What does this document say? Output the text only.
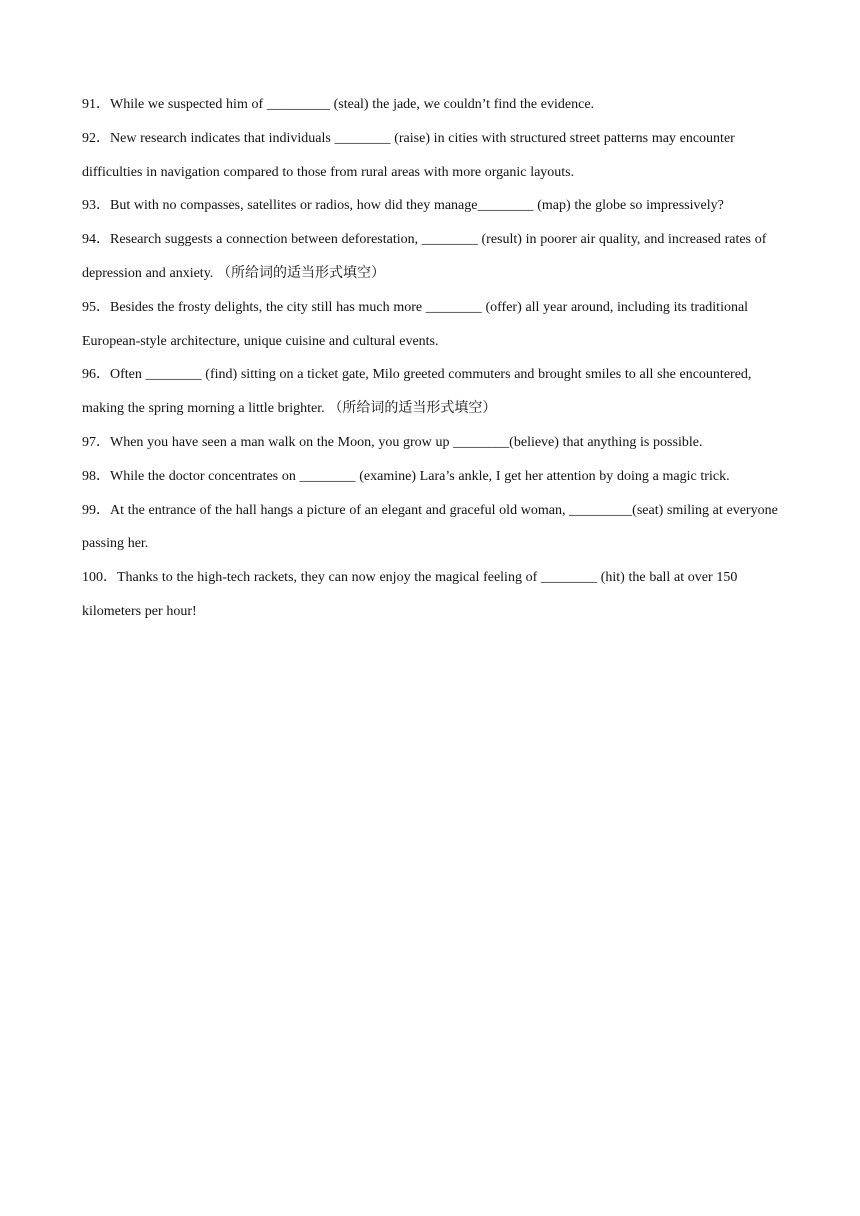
91．While we suspected him of _________ (steal) the jade, we couldn’t find the evidence.
92．New research indicates that individuals ________ (raise) in cities with structured street patterns may encounter difficulties in navigation compared to those from rural areas with more organic layouts.
93．But with no compasses, satellites or radios, how did they manage________ (map) the globe so impressively?
94．Research suggests a connection between deforestation, ________ (result) in poorer air quality, and increased rates of depression and anxiety. （所给词的适当形式填空）
95．Besides the frosty delights, the city still has much more ________ (offer) all year around, including its traditional European-style architecture, unique cuisine and cultural events.
96．Often ________ (find) sitting on a ticket gate, Milo greeted commuters and brought smiles to all she encountered, making the spring morning a little brighter. （所给词的适当形式填空）
97．When you have seen a man walk on the Moon, you grow up ________(believe) that anything is possible.
98．While the doctor concentrates on ________ (examine) Lara’s ankle, I get her attention by doing a magic trick.
99．At the entrance of the hall hangs a picture of an elegant and graceful old woman, _________(seat) smiling at everyone passing her.
100．Thanks to the high-tech rackets, they can now enjoy the magical feeling of ________ (hit) the ball at over 150 kilometers per hour!
